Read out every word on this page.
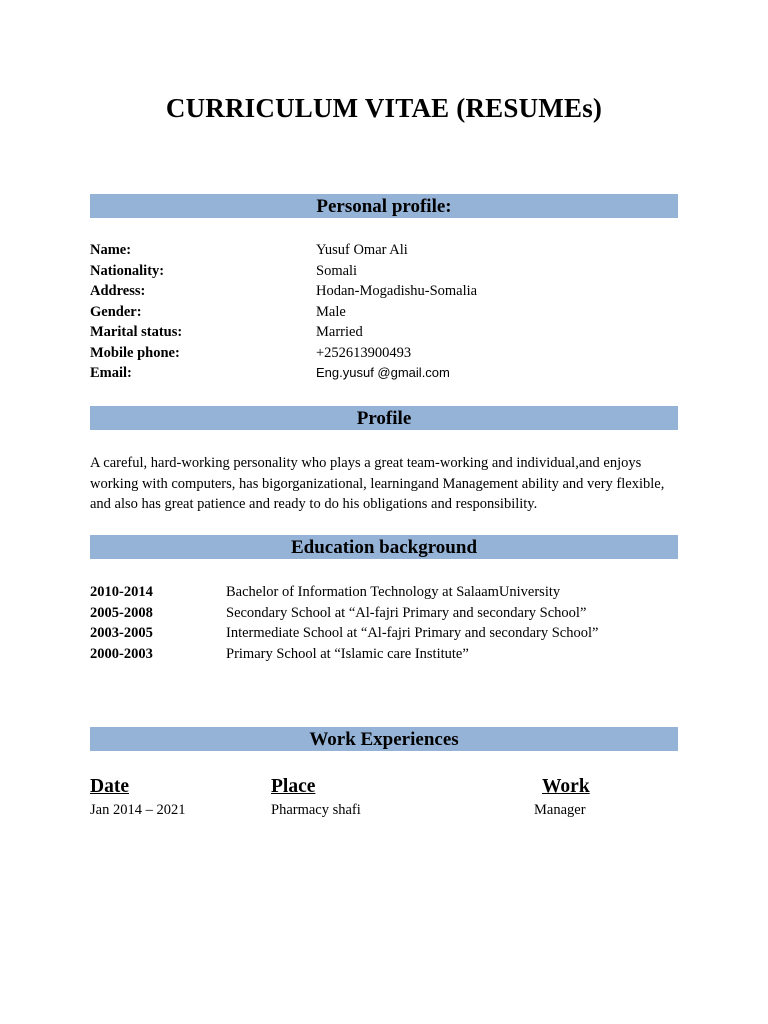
CURRICULUM VITAE (RESUMEs)
Personal profile:
Name:	Yusuf Omar Ali
Nationality:	Somali
Address:	Hodan-Mogadishu-Somalia
Gender:	Male
Marital status:	Married
Mobile phone:	+252613900493
Email:	Eng.yusuf @gmail.com
Profile
A careful, hard-working personality who plays a great team-working and individual,and enjoys working with computers, has bigorganizational, learningand Management ability and very flexible, and also has great patience and ready to do his obligations and responsibility.
Education background
2010-2014	Bachelor of Information Technology at SalaamUniversity
2005-2008	Secondary School at “Al-fajri Primary and secondary School”
2003-2005	Intermediate School at “Al-fajri Primary and secondary School”
2000-2003	Primary School at “Islamic care Institute”
Work Experiences
Date	Place	Work
Jan 2014 – 2021	Pharmacy shafi	Manager
